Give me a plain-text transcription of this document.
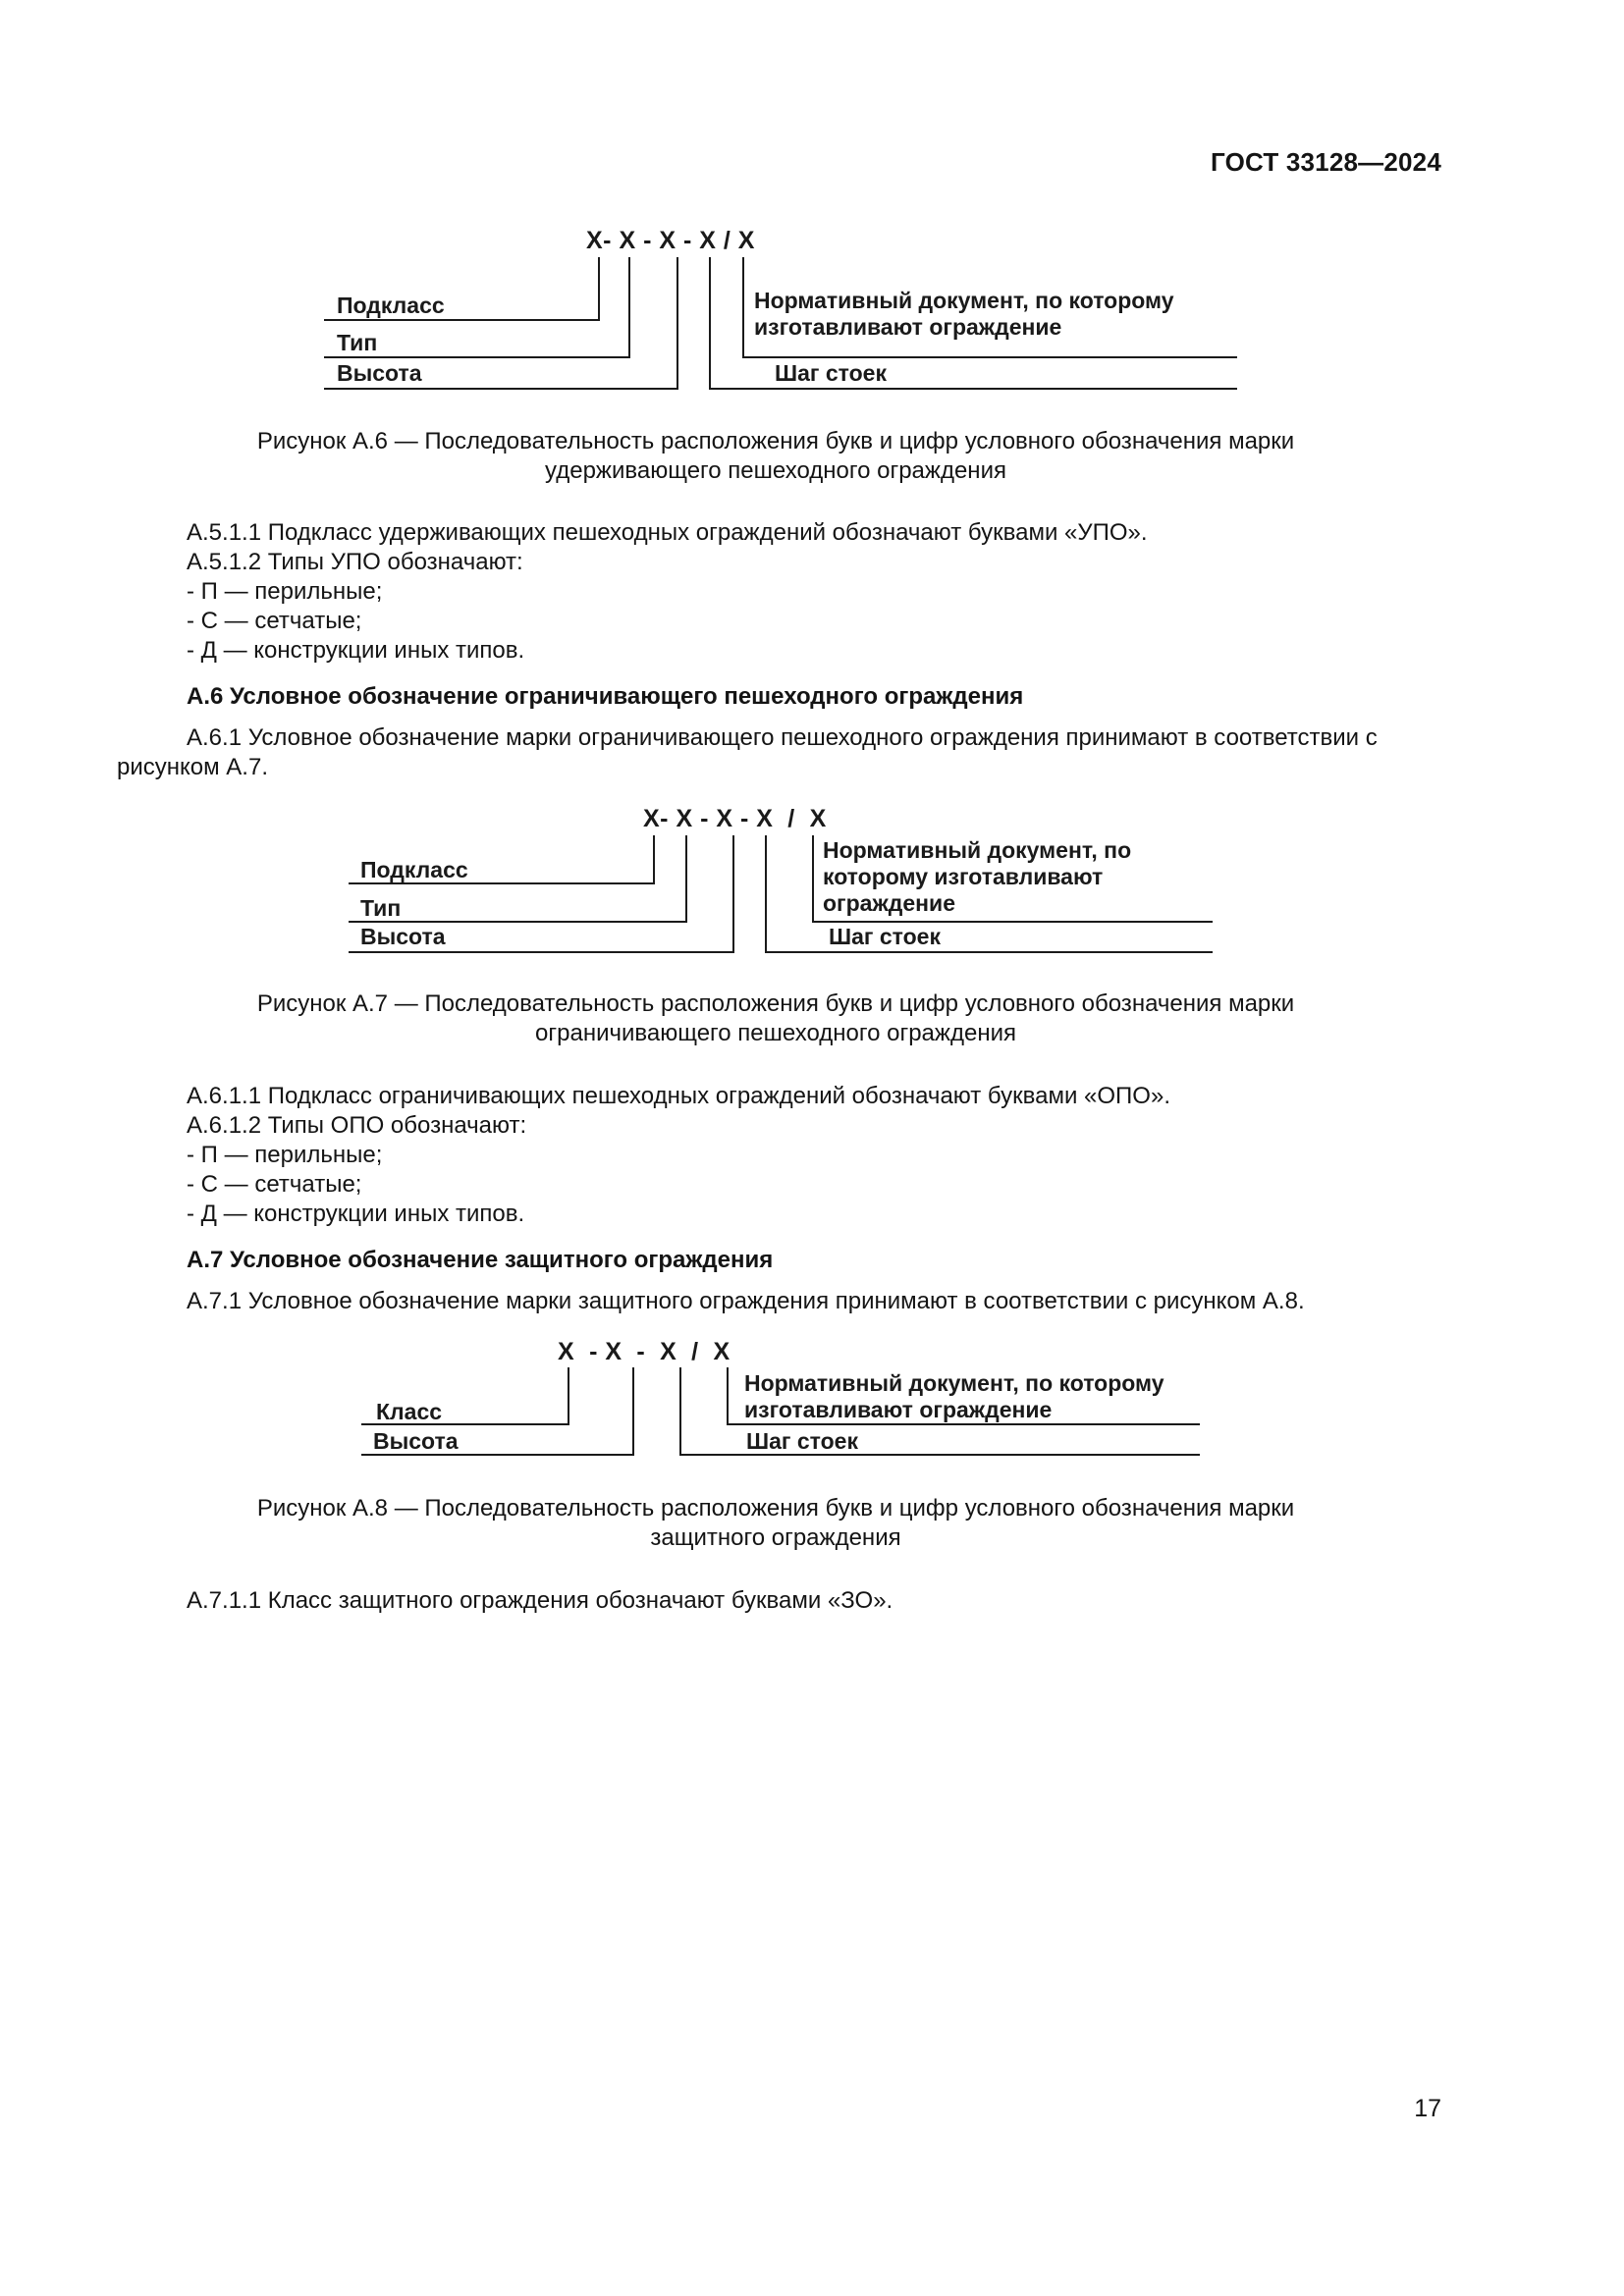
ГОСТ 33128—2024
X- X - X - X / X
Подкласс
Тип
Высота
Нормативный документ, по которому изготавливают ограждение
Шаг стоек
Рисунок А.6 — Последовательность расположения букв и цифр условного обозначения марки
удерживающего пешеходного ограждения
А.5.1.1 Подкласс удерживающих пешеходных ограждений обозначают буквами «УПО».
А.5.1.2 Типы УПО обозначают:
- П — перильные;
- С — сетчатые;
- Д — конструкции иных типов.
А.6 Условное обозначение ограничивающего пешеходного ограждения
А.6.1 Условное обозначение марки ограничивающего пешеходного ограждения принимают в соответствии с рисунком А.7.
X- X - X - X  /  X
Подкласс
Тип
Высота
Нормативный документ, по которому изготавливают ограждение
Шаг стоек
Рисунок А.7 — Последовательность расположения букв и цифр условного обозначения марки
ограничивающего пешеходного ограждения
А.6.1.1 Подкласс ограничивающих пешеходных ограждений обозначают буквами «ОПО».
А.6.1.2 Типы ОПО обозначают:
- П — перильные;
- С — сетчатые;
- Д — конструкции иных типов.
А.7 Условное обозначение защитного ограждения
А.7.1 Условное обозначение марки защитного ограждения принимают в соответствии с рисунком А.8.
X  - X  -  X  /  X
Класс
Высота
Нормативный документ, по которому изготавливают ограждение
Шаг стоек
Рисунок А.8 — Последовательность расположения букв и цифр условного обозначения марки
защитного ограждения
А.7.1.1 Класс защитного ограждения обозначают буквами «ЗО».
17
